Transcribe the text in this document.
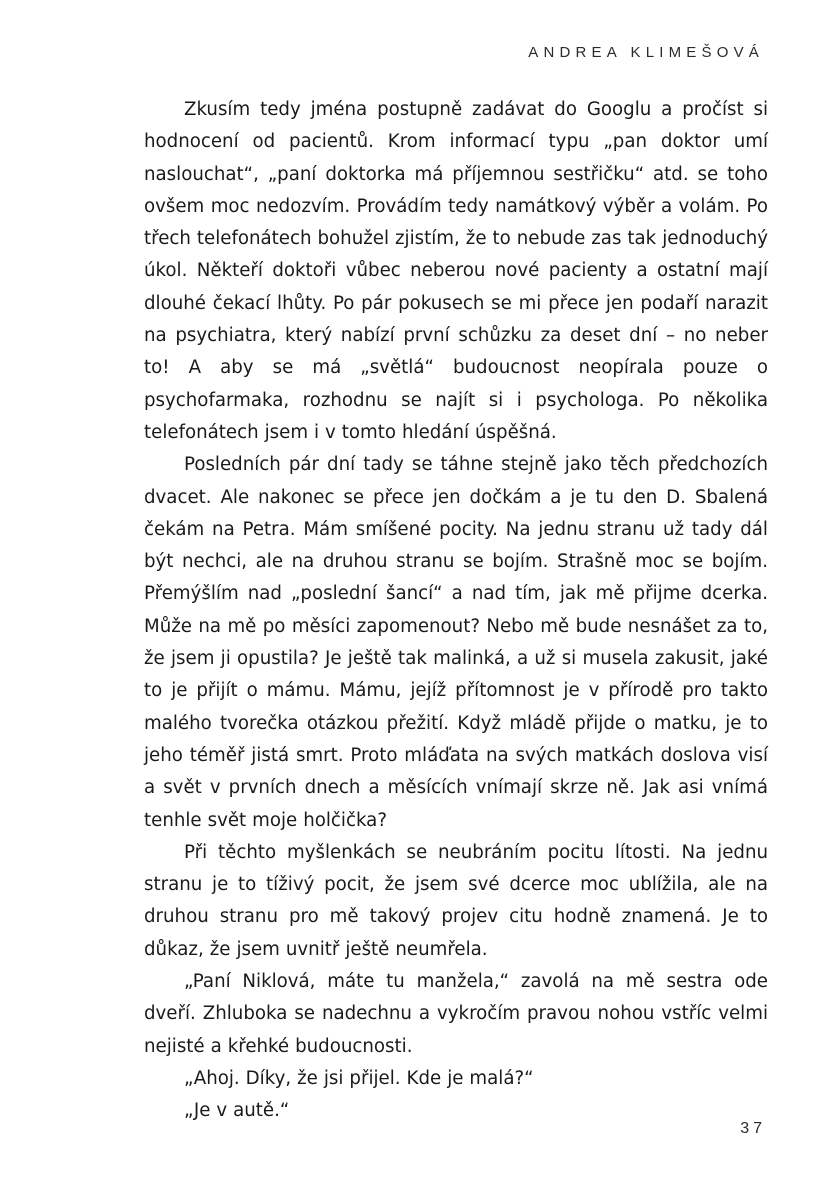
ANDREA KLIMEŠOVÁ

Zkusím tedy jména postupně zadávat do Googlu a pročíst si hodnocení od pacientů. Krom informací typu „pan doktor umí naslouchat“, „paní doktorka má příjemnou sestřičku“ atd. se toho ovšem moc nedozvím. Provádím tedy namátkový výběr a volám. Po třech telefonátech bohužel zjistím, že to nebude zas tak jednoduchý úkol. Někteří doktoři vůbec neberou nové pacienty a ostatní mají dlouhé čekací lhůty. Po pár pokusech se mi přece jen podaří narazit na psychiatra, který nabízí první schůzku za deset dní – no neber to! A aby se má „světlá“ budoucnost neopírala pouze o psychofarmaka, rozhodnu se najít si i psychologa. Po několika telefonátech jsem i v tomto hledání úspěšná.

Posledních pár dní tady se táhne stejně jako těch předchozích dvacet. Ale nakonec se přece jen dočkám a je tu den D. Sbalená čekám na Petra. Mám smíšené pocity. Na jednu stranu už tady dál být nechci, ale na druhou stranu se bojím. Strašně moc se bojím. Přemýšlím nad „poslední šancí“ a nad tím, jak mě přijme dcerka. Může na mě po měsíci zapomenout? Nebo mě bude nesnášet za to, že jsem ji opustila? Je ještě tak malinká, a už si musela zakusit, jaké to je přijít o mámu. Mámu, jejíž přítomnost je v přírodě pro takto malého tvorečka otázkou přežití. Když mládě přijde o matku, je to jeho téměř jistá smrt. Proto mláďata na svých matkách doslova visí a svět v prvních dnech a měsících vnímají skrze ně. Jak asi vnímá tenhle svět moje holčička?

Při těchto myšlenkách se neubráním pocitu lítosti. Na jednu stranu je to tíživý pocit, že jsem své dcerce moc ublížila, ale na druhou stranu pro mě takový projev citu hodně znamená. Je to důkaz, že jsem uvnitř ještě neumřela.

„Paní Niklová, máte tu manžela,“ zavolá na mě sestra ode dveří. Zhluboka se nadechnu a vykročím pravou nohou vstříc velmi nejisté a křehké budoucnosti.

„Ahoj. Díky, že jsi přijel. Kde je malá?“

„Je v autě.“

37
